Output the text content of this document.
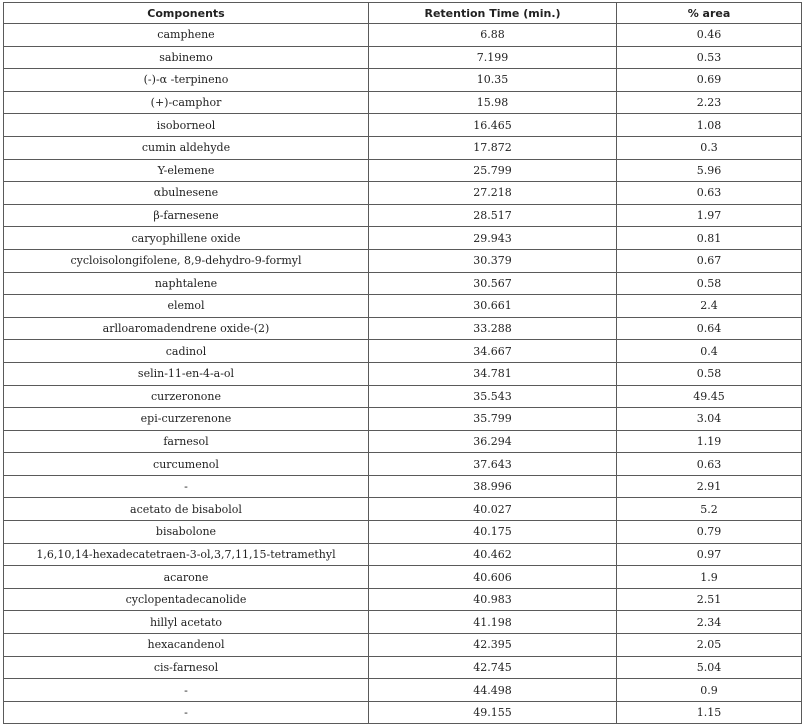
Components	Retention Time (min.)	% area
camphene	6.88	0.46
sabinemo	7.199	0.53
(-)-α -terpineno	10.35	0.69
(+)-camphor	15.98	2.23
isoborneol	16.465	1.08
cumin aldehyde	17.872	0.3
Y-elemene	25.799	5.96
αbulnesene	27.218	0.63
β-farnesene	28.517	1.97
caryophillene oxide	29.943	0.81
cycloisolongifolene, 8,9-dehydro-9-formyl	30.379	0.67
naphtalene	30.567	0.58
elemol	30.661	2.4
arlloaromadendrene oxide-(2)	33.288	0.64
cadinol	34.667	0.4
selin-11-en-4-a-ol	34.781	0.58
curzeronone	35.543	49.45
epi-curzerenone	35.799	3.04
farnesol	36.294	1.19
curcumenol	37.643	0.63
-	38.996	2.91
acetato de bisabolol	40.027	5.2
bisabolone	40.175	0.79
1,6,10,14-hexadecatetraen-3-ol,3,7,11,15-tetramethyl	40.462	0.97
acarone	40.606	1.9
cyclopentadecanolide	40.983	2.51
hillyl acetato	41.198	2.34
hexacandenol	42.395	2.05
cis-farnesol	42.745	5.04
-	44.498	0.9
-	49.155	1.15
